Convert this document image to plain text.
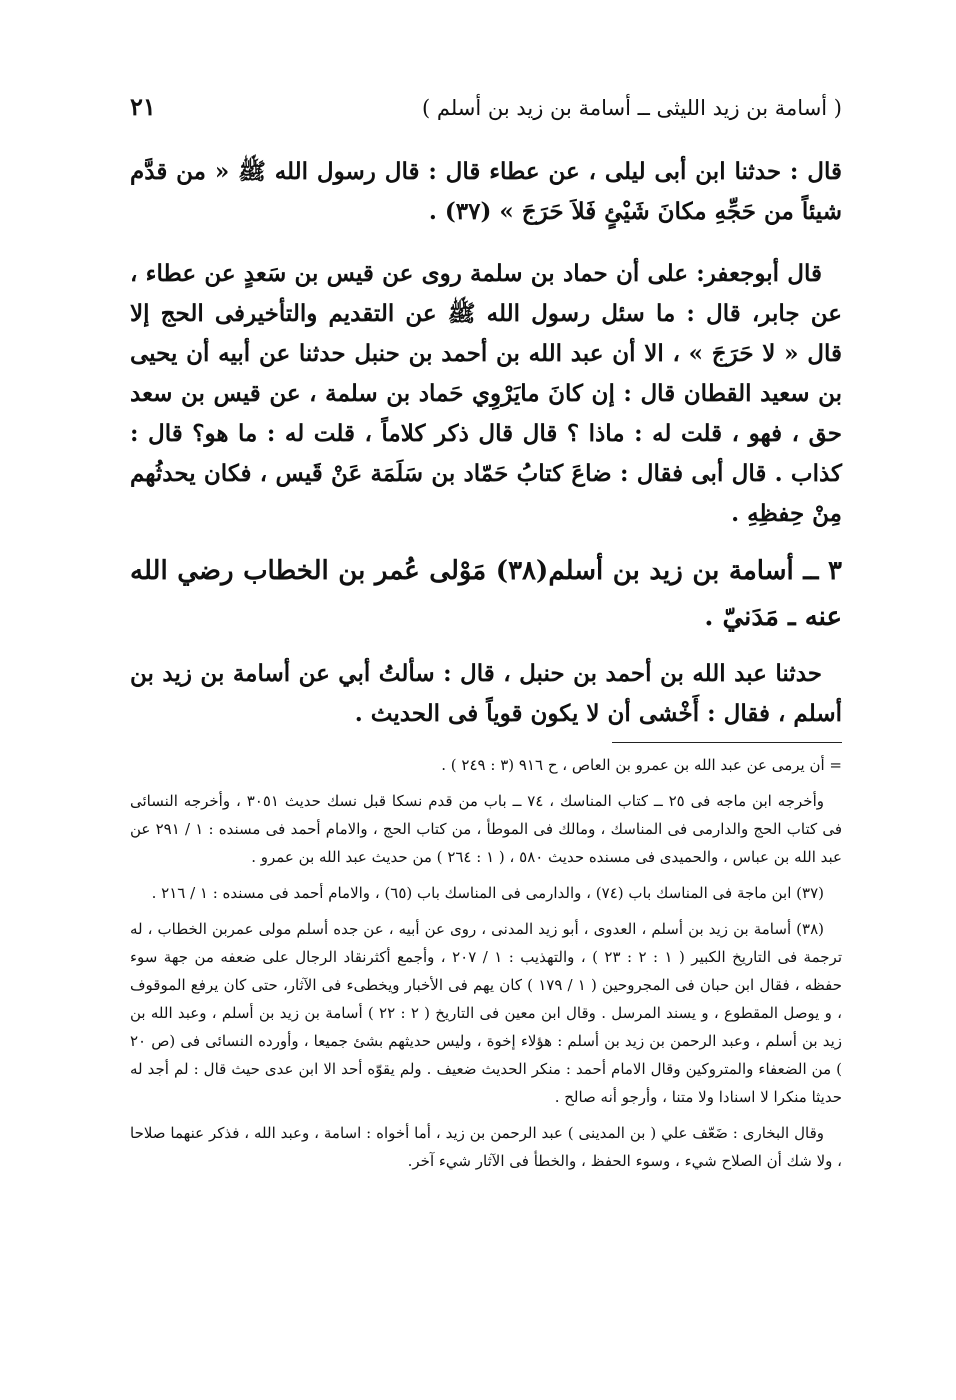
( أسامة بن زيد الليثى ــ أسامة بن زيد بن أسلم )
٢١

قال : حدثنا ابن أبى ليلى ، عن عطاء قال : قال رسول الله ﷺ « من قدَّم شيئاً من حَجِّهِ مكانَ شَيْئٍ فَلاَ حَرَجَ » (٣٧) .

قال أبوجعفر: على أن حماد بن سلمة روى عن قيس بن سَعدٍ عن عطاء ، عن جابر، قال : ما سئل رسول الله ﷺ عن التقديم والتأخيرفى الحج إلا قال « لا حَرَجَ » ، الا أن عبد الله بن أحمد بن حنبل حدثنا عن أبيه أن يحيى بن سعيد القطان قال : إن كانَ مايَرْوِي حَماد بن سلمة ، عن قيس بن سعد حق ، فهو ، قلت له : ماذا ؟ قال قال ذكر كلاماً ، قلت له : ما هو؟ قال : كذاب . قال أبى فقال : ضاعَ كتابُ حَمّاد بن سَلَمَة عَنْ قَيس ، فكان يحدثُهم مِنْ حِفظِهِ .

٣ ــ أسامة بن زيد بن أسلم(٣٨) مَوْلى عُمر بن الخطاب رضي الله عنه ـ مَدَنيّ .

حدثنا عبد الله بن أحمد بن حنبل ، قال : سألتُ أبي عن أسامة بن زيد بن أسلم ، فقال : أَخْشى أن لا يكون قوياً فى الحديث .

= أن يرمى عن عبد الله بن عمرو بن العاص ، ح ٩١٦ (٣ : ٢٤٩ ) .

وأخرجه ابن ماجه فى ٢٥ ــ كتاب المناسك ، ٧٤ ــ باب من قدم نسكا قبل نسك حديث ٣٠٥١ ، وأخرجه النسائى فى كتاب الحج والدارمى فى المناسك ، ومالك فى الموطأ ، من كتاب الحج ، والامام أحمد فى مسنده : ١ / ٢٩١ عن عبد الله بن عباس ، والحميدى فى مسنده حديث ٥٨٠ ، ( ١ : ٢٦٤ ) من حديث عبد الله بن عمرو .

(٣٧) ابن ماجة فى المناسك باب (٧٤) ، والدارمى فى المناسك باب (٦٥) ، والامام أحمد فى مسنده : ١ / ٢١٦ .

(٣٨) أسامة بن زيد بن أسلم ، العدوى ، أبو زيد المدنى ، روى عن أبيه ، عن جده أسلم مولى عمربن الخطاب ، له ترجمة فى التاريخ الكبير ( ١ : ٢ : ٢٣ ) ، والتهذيب : ١ / ٢٠٧ ، وأجمع أكثرنقاد الرجال على ضعفه من جهة سوء حفظه ، فقال ابن حبان فى المجروحين ( ١ / ١٧٩ ) كان يهم فى الأخبار ويخطىء فى الآثار، حتى كان يرفع الموقوف ، و يوصل المقطوع ، و يسند المرسل . وقال ابن معين فى التاريخ ( ٢ : ٢٢ ) أسامة بن زيد بن أسلم ، وعبد الله بن زيد بن أسلم ، وعبد الرحمن بن زيد بن أسلم : هؤلاء إخوة ، وليس حديثهم بشئ جميعا ، وأورده النسائى فى (ص ٢٠ ) من الضعفاء والمتروكين وقال الامام أحمد : منكر الحديث ضعيف . ولم يقوّه أحد الا ابن عدى حيث قال : لم أجد له حديثا منكرا لا اسنادا ولا متنا ، وأرجو أنه صالح .

وقال البخارى : ضَعّف علي ( بن المدينى ) عبد الرحمن بن زيد ، أما أخواه : اسامة ، وعبد الله ، فذكر عنهما صلاحا ، ولا شك أن الصلاح شيء ، وسوء الحفظ ، والخطأ فى الآثار شيء آخر.
